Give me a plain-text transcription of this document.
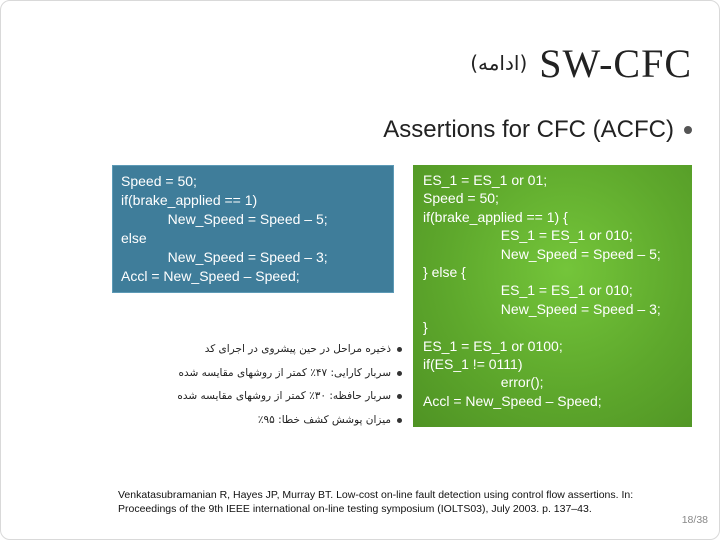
(ادامه) SW-CFC
Assertions for CFC (ACFC)
Speed = 50;
if(brake_applied == 1)
New_Speed = Speed – 5;
else
New_Speed = Speed – 3;
Accl = New_Speed – Speed;
ES_1 = ES_1 or 01;
Speed = 50;
if(brake_applied == 1) {
ES_1 = ES_1 or 010;
New_Speed = Speed – 5;
} else {
ES_1 = ES_1 or 010;
New_Speed = Speed – 3;
}
ES_1 = ES_1 or 0100;
if(ES_1 != 0111)
error();
Accl = New_Speed – Speed;
ذخیره مراحل در حین پیشروی در اجرای کد
سربار کارایی: ۴۷٪ کمتر از روشهای مقایسه شده
سربار حافظه: ۳۰٪ کمتر از روشهای مقایسه شده
میزان پوشش کشف خطا: ۹۵٪
Venkatasubramanian R, Hayes JP, Murray BT. Low-cost on-line fault detection using control flow assertions. In: Proceedings of the 9th IEEE international on-line testing symposium (IOLTS03), July 2003. p. 137–43.
18/38
